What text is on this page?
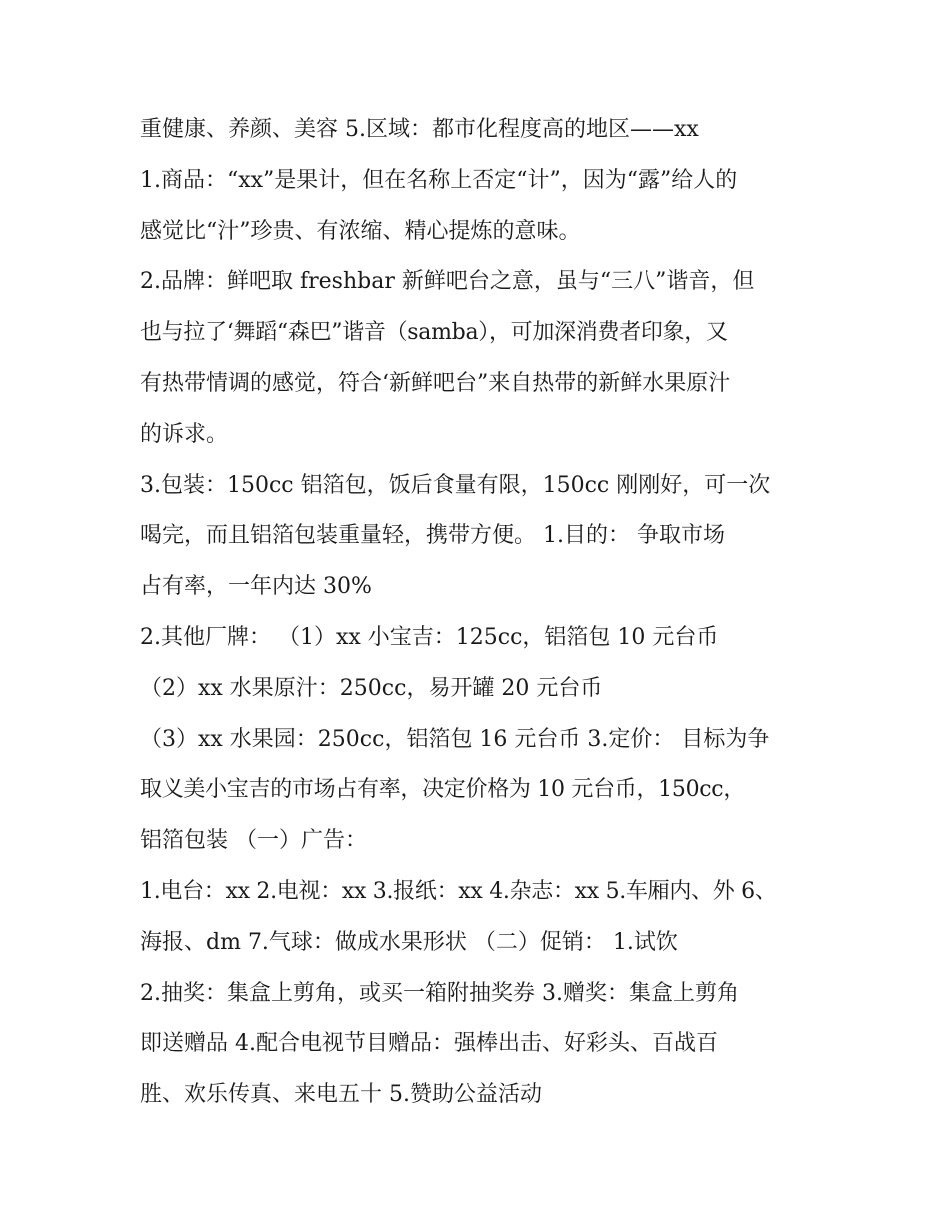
重健康、养颜、美容 5.区域：都市化程度高的地区——xx
1.商品：“xx”是果计，但在名称上否定“计”，因为“露”给人的
感觉比“汁”珍贵、有浓缩、精心提炼的意味。
2.品牌：鲜吧取 freshbar 新鲜吧台之意，虽与“三八”谐音，但
也与拉了‘舞蹈“森巴”谐音（samba），可加深消费者印象，又
有热带情调的感觉，符合‘新鲜吧台”来自热带的新鲜水果原汁
的诉求。
3.包装：150cc 铝箔包，饭后食量有限，150cc 刚刚好，可一次
喝完，而且铝箔包装重量轻，携带方便。 1.目的： 争取市场
占有率，一年内达 30%
2.其他厂牌： （1）xx 小宝吉：125cc，铝箔包 10 元台币
（2）xx 水果原汁：250cc，易开罐 20 元台币
（3）xx 水果园：250cc，铝箔包 16 元台币 3.定价： 目标为争
取义美小宝吉的市场占有率，决定价格为 10 元台币，150cc，
铝箔包装 （一）广告：
1.电台：xx 2.电视：xx 3.报纸：xx 4.杂志：xx 5.车厢内、外 6、
海报、dm 7.气球：做成水果形状 （二）促销： 1.试饮
2.抽奖：集盒上剪角，或买一箱附抽奖券 3.赠奖：集盒上剪角
即送赠品 4.配合电视节目赠品：强棒出击、好彩头、百战百
胜、欢乐传真、来电五十 5.赞助公益活动
